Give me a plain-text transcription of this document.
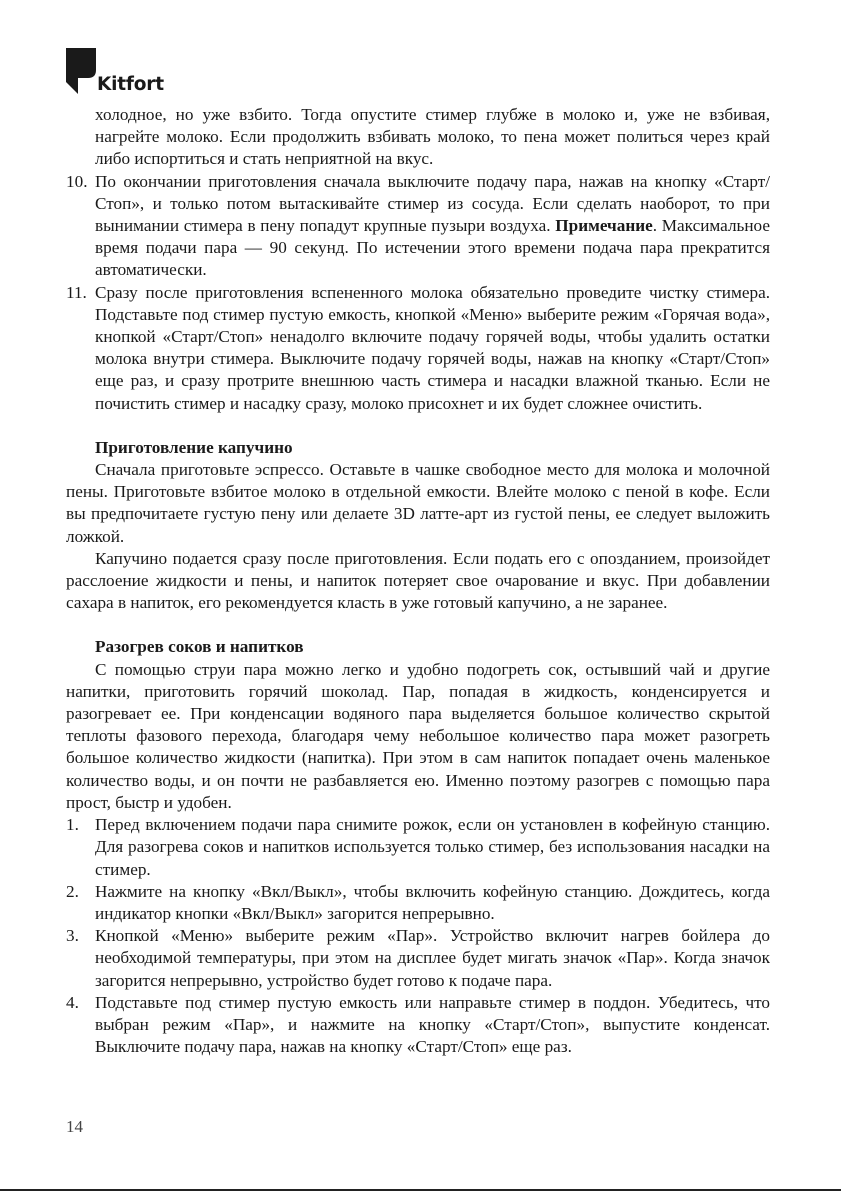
Kitfort

холодное, но уже взбито. Тогда опустите стимер глубже в молоко и, уже не взбивая, нагрейте молоко. Если продолжить взбивать молоко, то пена может политься через край либо испортиться и стать неприятной на вкус.

10. По окончании приготовления сначала выключите подачу пара, нажав на кнопку «Старт/Стоп», и только потом вытаскивайте стимер из сосуда. Если сделать наоборот, то при вынимании стимера в пену попадут крупные пузыри воздуха. Примечание. Максимальное время подачи пара — 90 секунд. По истечении этого времени подача пара прекратится автоматически.
11. Сразу после приготовления вспененного молока обязательно проведите чистку стимера. Подставьте под стимер пустую емкость, кнопкой «Меню» выберите режим «Горячая вода», кнопкой «Старт/Стоп» ненадолго включите подачу горячей воды, чтобы удалить остатки молока внутри стимера. Выключите подачу горячей воды, нажав на кнопку «Старт/Стоп» еще раз, и сразу протрите внешнюю часть стимера и насадки влажной тканью. Если не почистить стимер и насадку сразу, молоко присохнет и их будет сложнее очистить.

Приготовление капучино

Сначала приготовьте эспрессо. Оставьте в чашке свободное место для молока и молочной пены. Приготовьте взбитое молоко в отдельной емкости. Влейте молоко с пеной в кофе. Если вы предпочитаете густую пену или делаете 3D латте-арт из густой пены, ее следует выложить ложкой.

Капучино подается сразу после приготовления. Если подать его с опозданием, произойдет расслоение жидкости и пены, и напиток потеряет свое очарование и вкус. При добавлении сахара в напиток, его рекомендуется класть в уже готовый капучино, а не заранее.

Разогрев соков и напитков

С помощью струи пара можно легко и удобно подогреть сок, остывший чай и другие напитки, приготовить горячий шоколад. Пар, попадая в жидкость, конденсируется и разогревает ее. При конденсации водяного пара выделяется большое количество скрытой теплоты фазового перехода, благодаря чему небольшое количество пара может разогреть большое количество жидкости (напитка). При этом в сам напиток попадает очень маленькое количество воды, и он почти не разбавляется ею. Именно поэтому разогрев с помощью пара прост, быстр и удобен.

1. Перед включением подачи пара снимите рожок, если он установлен в кофейную станцию. Для разогрева соков и напитков используется только стимер, без использования насадки на стимер.
2. Нажмите на кнопку «Вкл/Выкл», чтобы включить кофейную станцию. Дождитесь, когда индикатор кнопки «Вкл/Выкл» загорится непрерывно.
3. Кнопкой «Меню» выберите режим «Пар». Устройство включит нагрев бойлера до необходимой температуры, при этом на дисплее будет мигать значок «Пар». Когда значок загорится непрерывно, устройство будет готово к подаче пара.
4. Подставьте под стимер пустую емкость или направьте стимер в поддон. Убедитесь, что выбран режим «Пар», и нажмите на кнопку «Старт/Стоп», выпустите конденсат. Выключите подачу пара, нажав на кнопку «Старт/Стоп» еще раз.
14
